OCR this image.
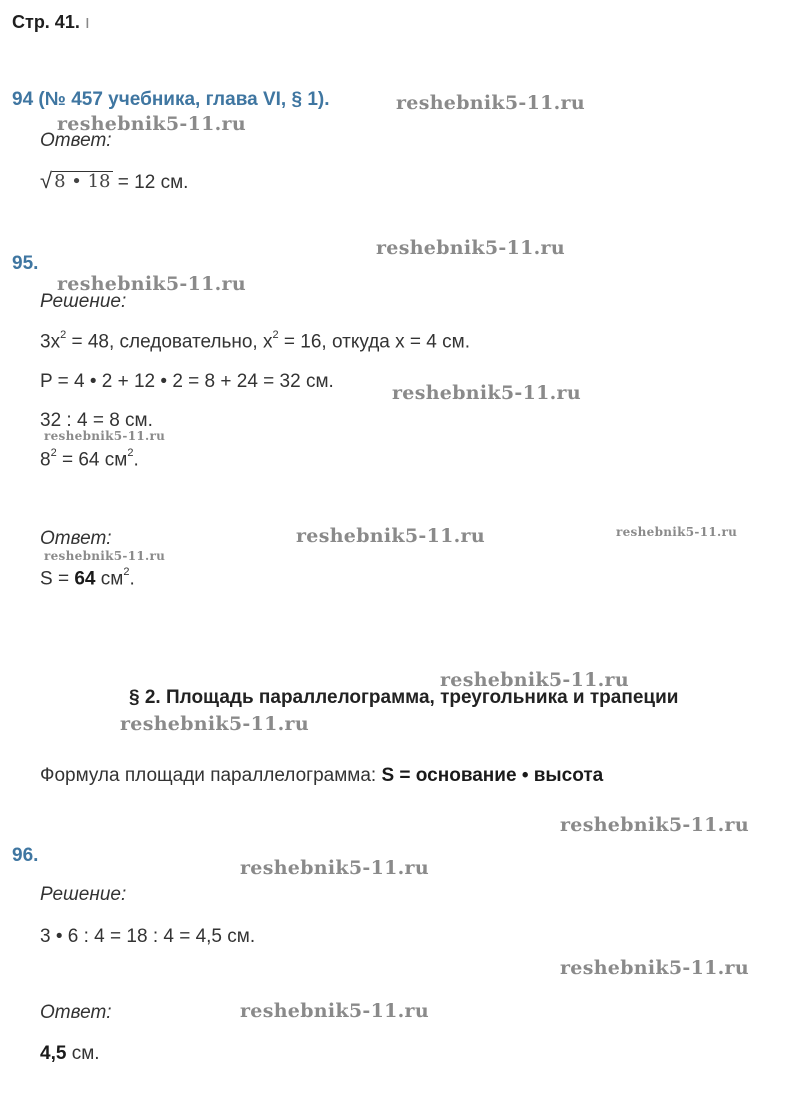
Стр. 41. ı
94 (№ 457 учебника, глава VI, § 1).	reshebnik5-11.ru
reshebnik5-11.ru
Ответ:
√ 8 • 18 = 12 см.
reshebnik5-11.ru
95.
reshebnik5-11.ru
Решение:
$3x^2 = 48$, следовательно, $x^2 = 16$, откуда x = 4 см.
P = 4 • 2 + 12 • 2 = 8 + 24 = 32 см.
reshebnik5-11.ru
32 : 4 = 8 см.
reshebnik5-11.ru
$8^2 = 64$ $см^2$.
Ответ:	reshebnik5-11.ru	reshebnik5-11.ru
reshebnik5-11.ru
S = 64 $см^2$.
reshebnik5-11.ru
§ 2. Площадь параллелограмма, треугольника и трапеции
reshebnik5-11.ru
Формула площади параллелограмма: S = основание • высота
reshebnik5-11.ru
96.
reshebnik5-11.ru
Решение:
3 • 6 : 4 = 18 : 4 = 4,5 см.
reshebnik5-11.ru
Ответ:	reshebnik5-11.ru
4,5 см.
